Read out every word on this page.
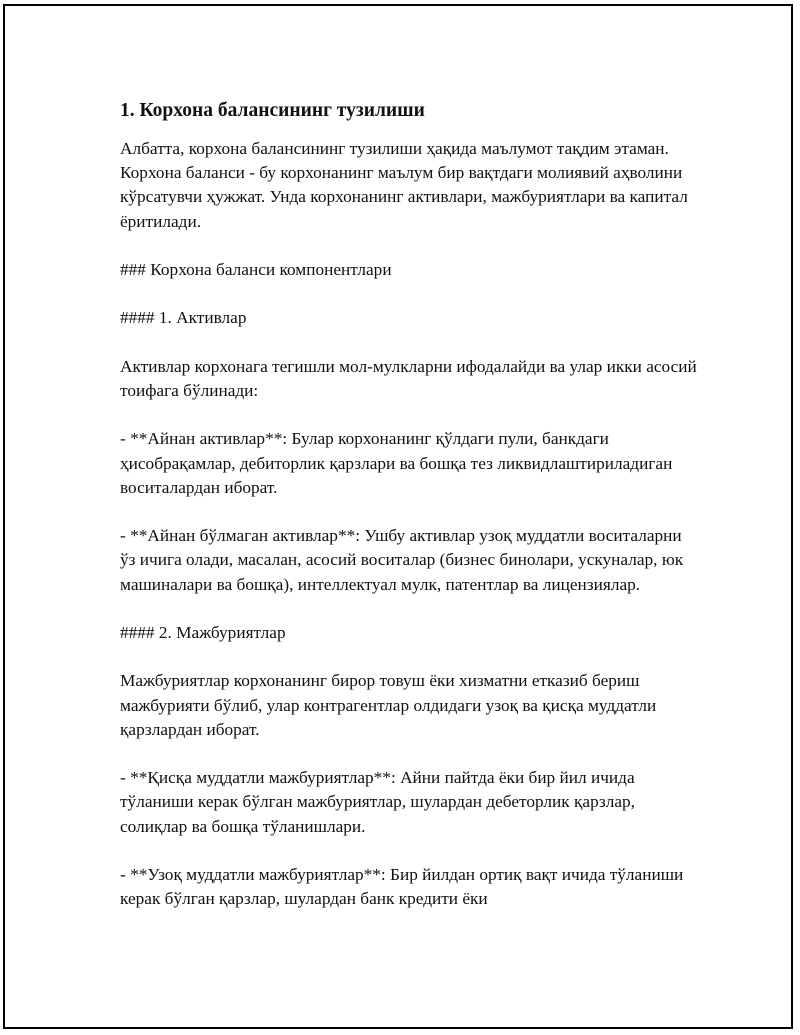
1. Корхона балансининг тузилиши
Албатта, корхона балансининг тузилиши ҳақида маълумот тақдим этаман. Корхона баланси - бу корхонанинг маълум бир вақтдаги молиявий аҳволини кўрсатувчи ҳужжат. Унда корхонанинг активлари, мажбуриятлари ва капитал ёритилади.
### Корхона баланси компонентлари
#### 1. Активлар
Активлар корхонага тегишли мол-мулкларни ифодалайди ва улар икки асосий тоифага бўлинади:
- **Айнан активлар**: Булар корхонанинг қўлдаги пули, банкдаги ҳисобрақамлар, дебиторлик қарзлари ва бошқа тез ликвидлаштириладиган воситалардан иборат.
- **Айнан бўлмаган активлар**: Ушбу активлар узоқ муддатли воситаларни ўз ичига олади, масалан, асосий воситалар (бизнес бинолари, ускуналар, юк машиналари ва бошқа), интеллектуал мулк, патентлар ва лицензиялар.
#### 2. Мажбуриятлар
Мажбуриятлар корхонанинг бирор товуш ёки хизматни етказиб бериш мажбурияти бўлиб, улар контрагентлар олдидаги узоқ ва қисқа муддатли қарзлардан иборат.
- **Қисқа муддатли мажбуриятлар**: Айни пайтда ёки бир йил ичида тўланиши керак бўлган мажбуриятлар, шулардан дебеторлик қарзлар, солиқлар ва бошқа тўланишлари.
- **Узоқ муддатли мажбуриятлар**: Бир йилдан ортиқ вақт ичида тўланиши керак бўлган қарзлар, шулардан банк кредити ёки
